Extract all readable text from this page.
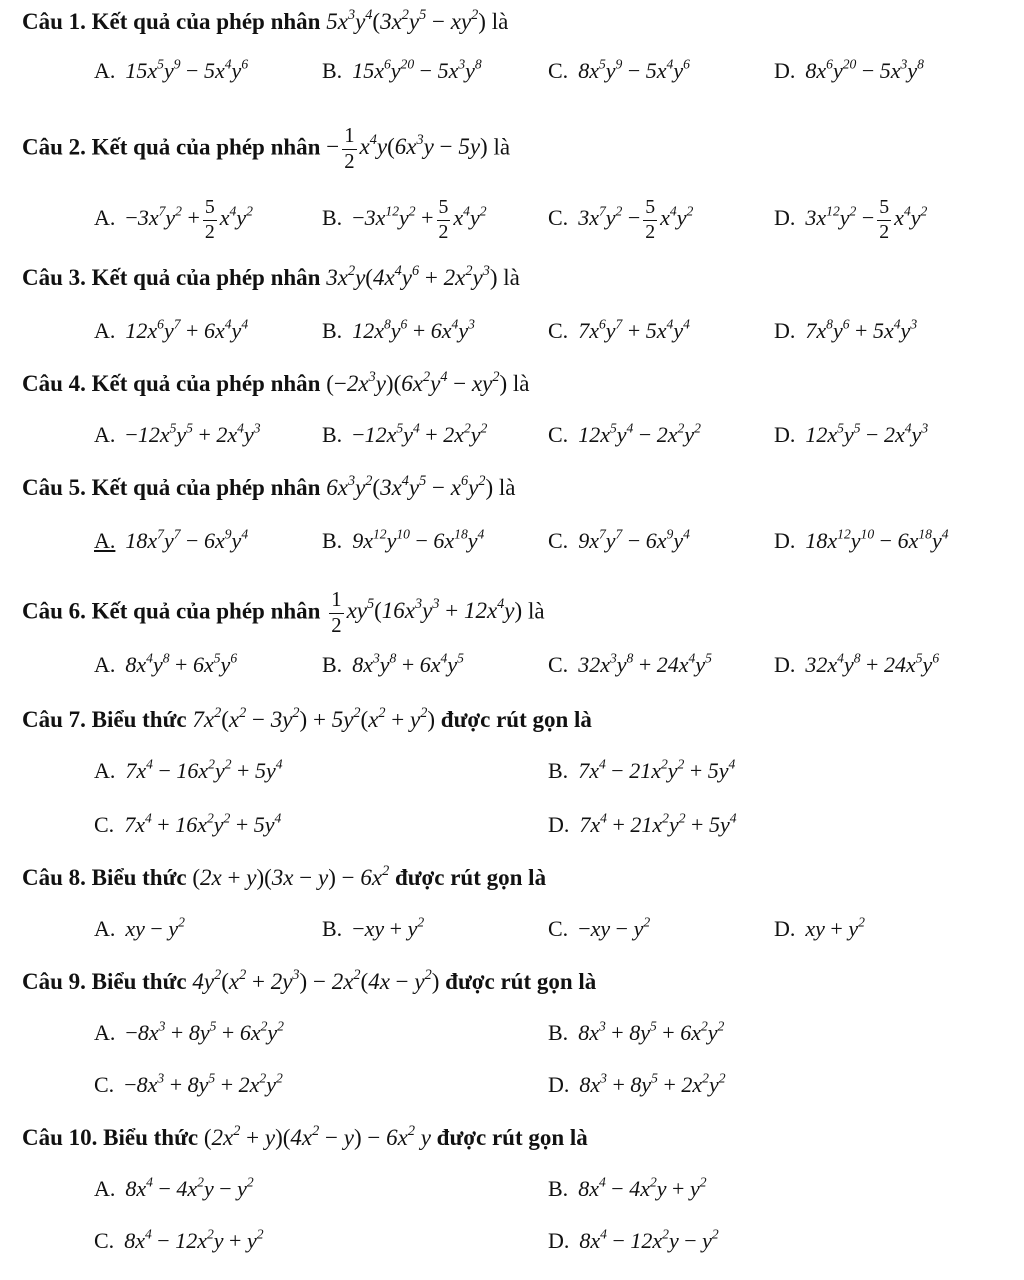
Câu 1. Kết quả của phép nhân $5x^3y^4(3x^2y^5 - xy^2)$ là
A. $15x^5y^9 - 5x^4y^6$	B. $15x^6y^{20} - 5x^3y^8$	C. $8x^5y^9 - 5x^4y^6$	D. $8x^6y^{20} - 5x^3y^8$
Câu 2. Kết quả của phép nhân − $\frac{1}{2} x^4y(6x^3y - 5y)$ là
A. $-3x^7y^2 + \frac{5}{2} x^4y^2$	B. $-3x^{12}y^2 + \frac{5}{2} x^4y^2$	C. $3x^7y^2 - \frac{5}{2} x^4y^2$	D. $3x^{12}y^2 - \frac{5}{2} x^4y^2$
Câu 3. Kết quả của phép nhân $3x^2y(4x^4y^6 + 2x^2y^3)$ là
A. $12x^6y^7 + 6x^4y^4$	B. $12x^8y^6 + 6x^4y^3$	C. $7x^6y^7 + 5x^4y^4$	D. $7x^8y^6 + 5x^4y^3$
Câu 4. Kết quả của phép nhân $(-2x^3y)(6x^2y^4 - xy^2)$ là
A. $-12x^5y^5 + 2x^4y^3$	B. $-12x^5y^4 + 2x^2y^2$	C. $12x^5y^4 - 2x^2y^2$	D. $12x^5y^5 - 2x^4y^3$
Câu 5. Kết quả của phép nhân $6x^3y^2(3x^4y^5 - x^6y^2)$ là
A. $18x^7y^7 - 6x^9y^4$	B. $9x^{12}y^{10} - 6x^{18}y^4$	C. $9x^7y^7 - 6x^9y^4$	D. $18x^{12}y^{10} - 6x^{18}y^4$
Câu 6. Kết quả của phép nhân $\frac{1}{2} xy^5(16x^3y^3 + 12x^4y)$ là
A. $8x^4y^8 + 6x^5y^6$	B. $8x^3y^8 + 6x^4y^5$	C. $32x^3y^8 + 24x^4y^5$	D. $32x^4y^8 + 24x^5y^6$
Câu 7. Biểu thức $7x^2(x^2 - 3y^2) + 5y^2(x^2 + y^2)$ được rút gọn là
A. $7x^4 - 16x^2y^2 + 5y^4$	B. $7x^4 - 21x^2y^2 + 5y^4$
C. $7x^4 + 16x^2y^2 + 5y^4$	D. $7x^4 + 21x^2y^2 + 5y^4$
Câu 8. Biểu thức $(2x + y)(3x - y) - 6x^2$ được rút gọn là
A. xy − $y^2$	B. $-xy + y^2$	C. $-xy - y^2$	D. xy + $y^2$
Câu 9. Biểu thức $4y^2(x^2 + 2y^3) - 2x^2(4x - y^2)$ được rút gọn là
A. $-8x^3 + 8y^5 + 6x^2y^2$	B. $8x^3 + 8y^5 + 6x^2y^2$
C. $-8x^3 + 8y^5 + 2x^2y^2$	D. $8x^3 + 8y^5 + 2x^2y^2$
Câu 10. Biểu thức $(2x^2 + y)(4x^2 - y) - 6x^2$ y được rút gọn là
A. $8x^4 - 4x^2y - y^2$	B. $8x^4 - 4x^2y + y^2$
C. $8x^4 - 12x^2y + y^2$	D. $8x^4 - 12x^2y - y^2$
